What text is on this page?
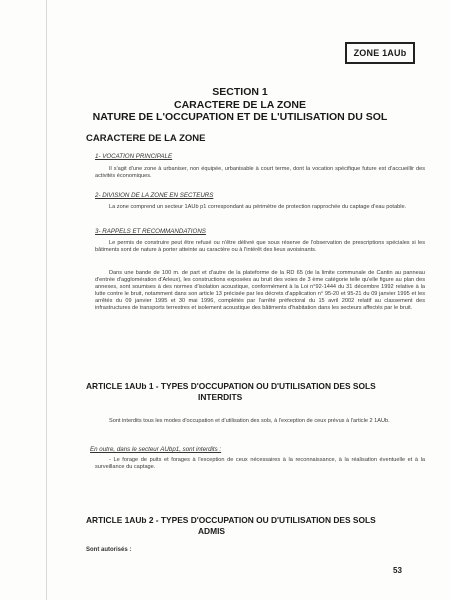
ZONE 1AUb
SECTION 1
CARACTERE DE LA ZONE
NATURE DE L'OCCUPATION ET DE L'UTILISATION DU SOL
CARACTERE DE LA ZONE
1- VOCATION PRINCIPALE
Il s'agit d'une zone à urbaniser, non équipée, urbanisable à court terme, dont la vocation spécifique future est d'accueillir des activités économiques.
2- DIVISION DE LA ZONE EN SECTEURS
La zone comprend un secteur 1AUb p1 correspondant au périmètre de protection rapprochée du captage d'eau potable.
3- RAPPELS ET RECOMMANDATIONS
Le permis de construire peut être refusé ou n'être délivré que sous réserve de l'observation de prescriptions spéciales si les bâtiments sont de nature à porter atteinte au caractère ou à l'intérêt des lieux avoisinants.
Dans une bande de 100 m. de part et d'autre de la plateforme de la RD 65 (de la limite communale de Cantin au panneau d'entrée d'agglomération d'Arleux), les constructions exposées au bruit des voies de 3 ème catégorie telle qu'elle figure au plan des annexes, sont soumises à des normes d'isolation acoustique, conformément à la Loi n°92-1444 du 31 décembre 1992 relative à la lutte contre le bruit, notamment dans son article 13 précisée par les décrets d'application n° 95-20 et 95-21 du 09 janvier 1995 et les arrêtés du 09 janvier 1995 et 30 mai 1996, complétés par l'arrêté préfectoral du 15 avril 2002 relatif au classement des infrastructures de transports terrestres et isolement acoustique des bâtiments d'habitation dans les secteurs affectés par le bruit.
ARTICLE 1AUb 1 - TYPES D'OCCUPATION OU D'UTILISATION DES SOLS
INTERDITS
Sont interdits tous les modes d'occupation et d'utilisation des sols, à l'exception de ceux prévus à l'article 2 1AUb.
En outre, dans le secteur AUbp1, sont interdits :
- Le forage de puits et forages à l'exception de ceux nécessaires à la reconnaissance, à la réalisation éventuelle et à la surveillance du captage.
ARTICLE 1AUb 2 - TYPES D'OCCUPATION OU D'UTILISATION DES SOLS
ADMIS
Sont autorisés :
53
